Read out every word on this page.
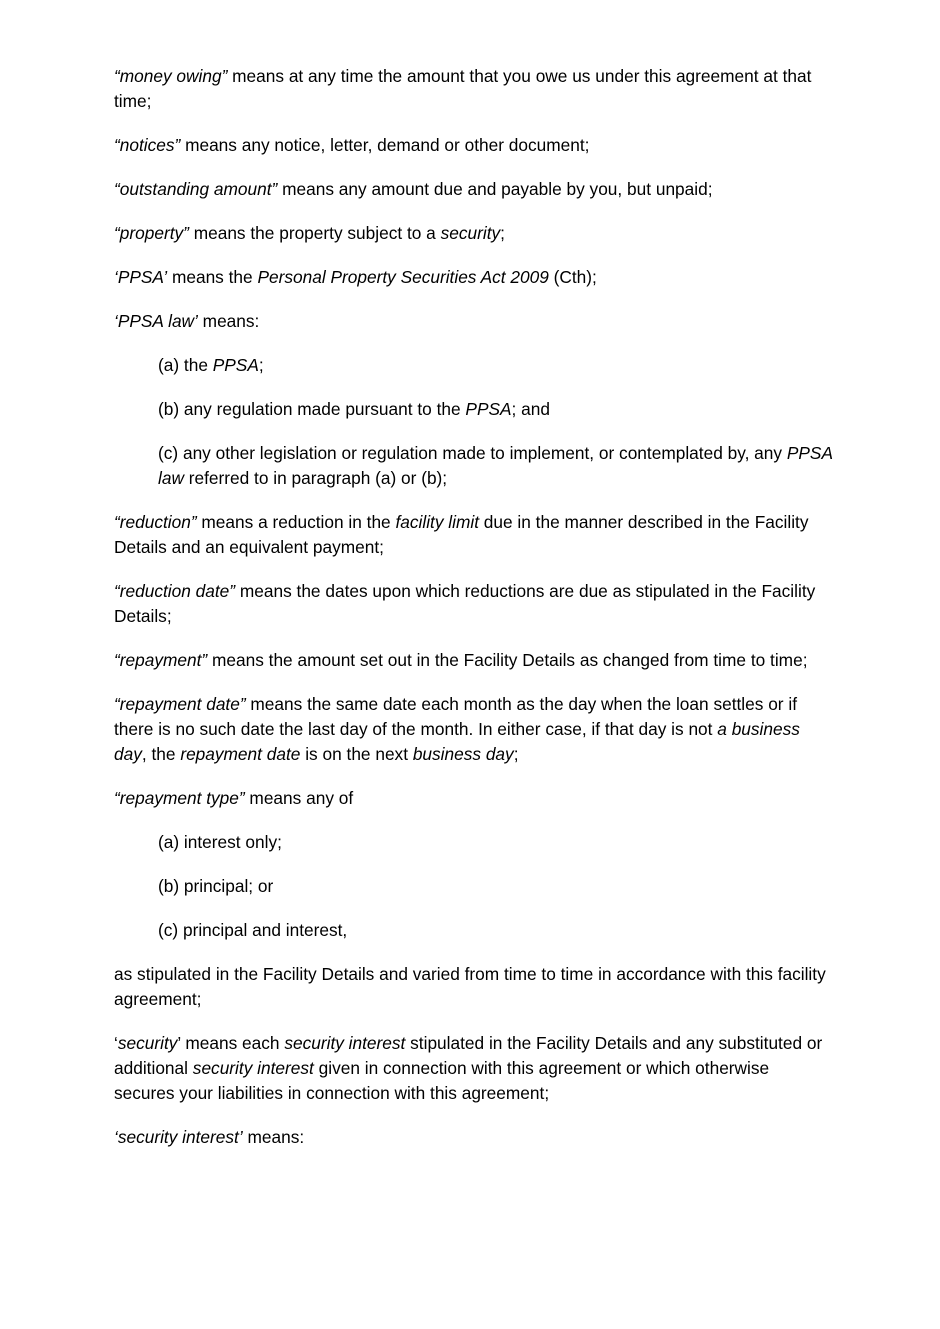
“money owing” means at any time the amount that you owe us under this agreement at that time;

“notices” means any notice, letter, demand or other document;

“outstanding amount” means any amount due and payable by you, but unpaid;

“property” means the property subject to a security;

‘PPSA’ means the Personal Property Securities Act 2009 (Cth);

‘PPSA law’ means:

(a) the PPSA;

(b) any regulation made pursuant to the PPSA; and

(c) any other legislation or regulation made to implement, or contemplated by, any PPSA law referred to in paragraph (a) or (b);

“reduction” means a reduction in the facility limit due in the manner described in the Facility Details and an equivalent payment;

“reduction date” means the dates upon which reductions are due as stipulated in the Facility Details;

“repayment” means the amount set out in the Facility Details as changed from time to time;

“repayment date” means the same date each month as the day when the loan settles or if there is no such date the last day of the month. In either case, if that day is not a business day, the repayment date is on the next business day;

“repayment type” means any of

(a) interest only;

(b) principal; or

(c) principal and interest,

as stipulated in the Facility Details and varied from time to time in accordance with this facility agreement;

‘security’ means each security interest stipulated in the Facility Details and any substituted or additional security interest given in connection with this agreement or which otherwise secures your liabilities in connection with this agreement;

‘security interest’ means:
